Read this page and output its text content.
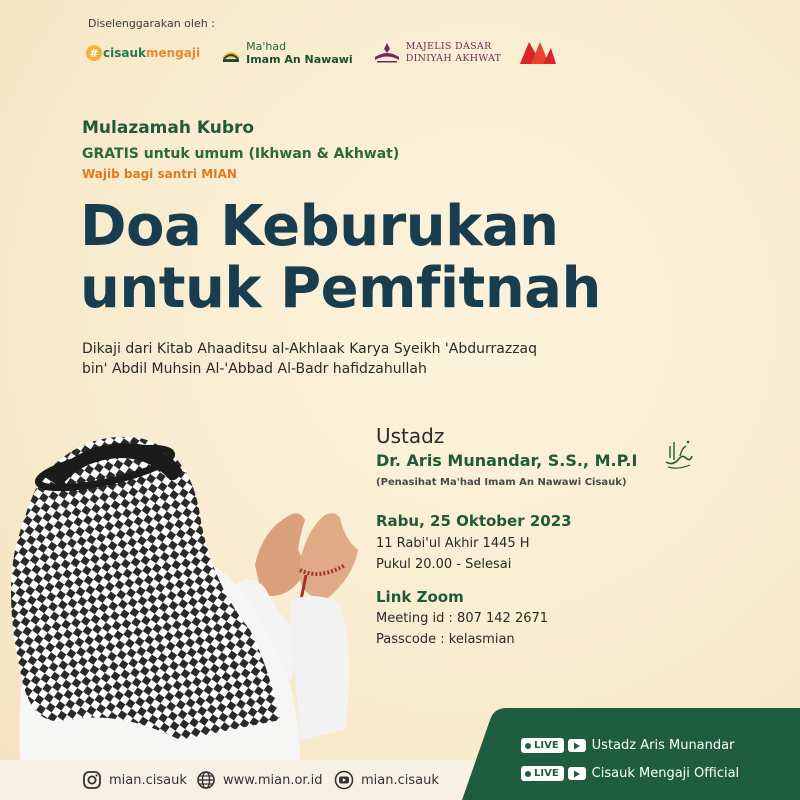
Diselenggarakan oleh :
# cisauk mengaji	Ma'had
Imam An Nawawi
MAJELIS DASAR
DINIYAH AKHWAT
Mulazamah Kubro
GRATIS untuk umum (Ikhwan & Akhwat)
Wajib bagi santri MIAN
Doa Keburukan
untuk Pemfitnah
Dikaji dari Kitab Ahaaditsu al-Akhlaak Karya Syeikh 'Abdurrazzaq
bin' Abdil Muhsin Al-'Abbad Al-Badr hafidzahullah
Ustadz
Dr. Aris Munandar, S.S., M.P.I
(Penasihat Ma'had Imam An Nawawi Cisauk)
Rabu, 25 Oktober 2023
11 Rabi'ul Akhir 1445 H
Pukul 20.00 - Selesai
Link Zoom
Meeting id : 807 142 2671
Passcode : kelasmian
mian.cisauk	www.mian.or.id	mian.cisauk
LIVE	Ustadz Aris Munandar
LIVE	Cisauk Mengaji Official
